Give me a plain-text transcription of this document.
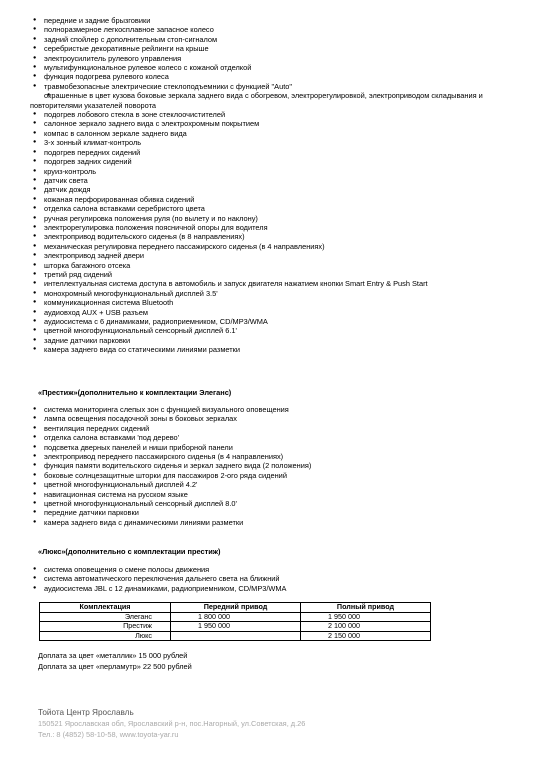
● передние и задние брызговики
● полноразмерное легкосплавное запасное колесо
● задний спойлер с дополнительным стоп-сигналом
● серебристые декоративные рейлинги на крыше
● электроусилитель рулевого управления
● мультифункциональное рулевое колесо с кожаной отделкой
● функция подогрева рулевого колеса
● травмобезопасные электрические стеклоподъемники с функцией "Auto"
● окрашенные в цвет кузова боковые зеркала заднего вида с обогревом, электрорегулировкой, электроприводом складывания и повторителями указателей поворота
● подогрев лобового стекла в зоне стеклоочистителей
● салонное зеркало заднего вида с электрохромным покрытием
● компас в салонном зеркале заднего вида
● 3-х зонный климат-контроль
● подогрев передних сидений
● подогрев задних сидений
● круиз-контроль
● датчик света
● датчик дождя
● кожаная перфорированная обивка сидений
● отделка салона вставками серебристого цвета
● ручная регулировка положения руля (по вылету и по наклону)
● электрорегулировка положения поясничной опоры для водителя
● электропривод водительского сиденья (в 8 направлениях)
● механическая регулировка переднего пассажирского сиденья (в 4 направлениях)
● электропривод задней двери
● шторка багажного отсека
● третий ряд сидений
● интеллектуальная система доступа в автомобиль и запуск двигателя нажатием кнопки Smart Entry & Push Start
● монохромный многофункциональный дисплей 3.5'
● коммуникационная система Bluetooth
● аудиовход AUX + USB разъем
● аудиосистема с 6 динамиками, радиоприемником, CD/MP3/WMA
● цветной многофункциональный сенсорный дисплей 6.1'
● задние датчики парковки
● камера заднего вида со статическими линиями разметки
«Престиж»(дополнительно к комплектации Элеганс)
● система мониторинга слепых зон с функцией визуального оповещения
● лампа освещения посадочной зоны в боковых зеркалах
● вентиляция передних сидений
● отделка салона вставками 'под дерево'
● подсветка дверных панелей и ниши приборной панели
● электропривод переднего пассажирского сиденья (в 4 направлениях)
● функция памяти водительского сиденья и зеркал заднего вида (2 положения)
● боковые солнцезащитные шторки для пассажиров 2-ого ряда сидений
● цветной многофункциональный дисплей 4.2'
● навигационная система на русском языке
● цветной многофункциональный сенсорный дисплей 8.0'
● передние датчики парковки
● камера заднего вида с динамическими линиями разметки
«Люкс»(дополнительно с комплектации престиж)
● система оповещения о смене полосы движения
● система автоматического переключения дальнего света на ближний
● аудиосистема JBL с 12 динамиками, радиоприемником, CD/MP3/WMA
Комплектация	Передний привод	Полный привод
Элеганс	1 800 000	1 950 000
Престиж	1 950 000	2 100 000
Люкс		2 150 000
Доплата за цвет «металлик» 15 000 рублей
Доплата за цвет «перламутр» 22 500 рублей
Тойота Центр Ярославль
150521 Ярославская обл, Ярославский р-н, пос.Нагорный, ул.Советская, д.26
Тел.: 8 (4852) 58-10-58, www.toyota-yar.ru
